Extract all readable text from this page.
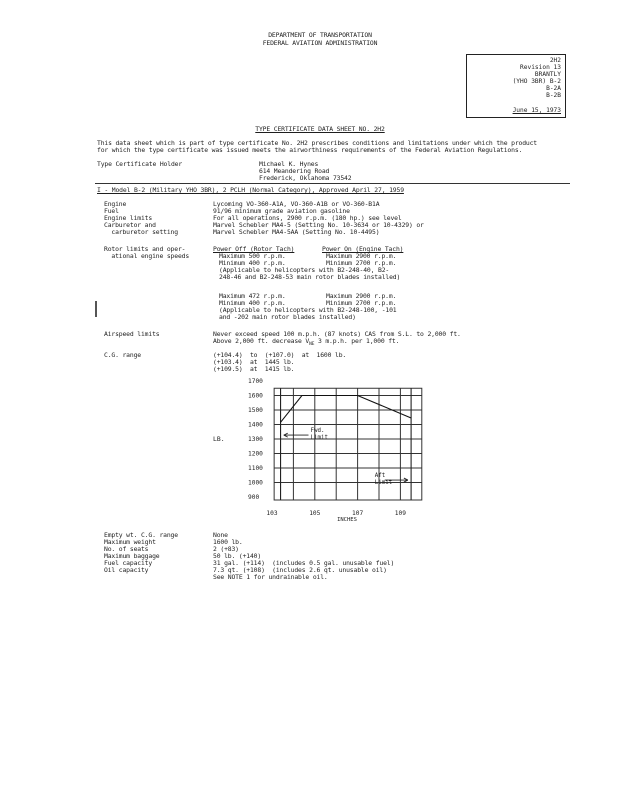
DEPARTMENT OF TRANSPORTATION
FEDERAL AVIATION ADMINISTRATION
2H2
Revision 13
BRANTLY
(YHO 3BR) B-2
B-2A
B-2B
June 15, 1973
TYPE CERTIFICATE DATA SHEET NO. 2H2
This data sheet which is part of type certificate No. 2H2 prescribes conditions and limitations under which the product
for which the type certificate was issued meets the airworthiness requirements of the Federal Aviation Regulations.
Type Certificate Holder	Michael K. Hynes
614 Meandering Road
Frederick, Oklahoma 73542
I - Model B-2 (Military YHO 3BR), 2 PCLH (Normal Category), Approved April 27, 1959
Engine	Lycoming VO-360-A1A, VO-360-A1B or VO-360-B1A
Fuel	91/96 minimum grade aviation gasoline
Engine limits	For all operations, 2900 r.p.m. (180 hp.) see level
Carburetor and	Marvel Schebler MA4-5 (Setting No. 10-3634 or 10-4329) or
carburetor setting	Marvel Schebler MA4-5AA (Setting No. 10-4495)
Rotor limits and oper-
ational engine speeds
Power Off (Rotor Tach)	Power On (Engine Tach)
Maximum 500 r.p.m.	Maximum 2900 r.p.m.
Minimum 400 r.p.m.	Minimum 2700 r.p.m.
(Applicable to helicopters with B2-248-40, B2-
248-46 and B2-248-53 main rotor blades installed)
Maximum 472 r.p.m.	Maximum 2900 r.p.m.
Minimum 400 r.p.m.	Minimum 2700 r.p.m.
(Applicable to helicopters with B2-248-100, -101
and -202 main rotor blades installed)
Airspeed limits	Never exceed speed 100 m.p.h. (87 knots) CAS from S.L. to 2,000 ft.
Above 2,000 ft. decrease $V_{NE}$ 3 m.p.h. per 1,000 ft.
C.G. range	(+104.4)  to  (+107.0)  at  1600 lb.
(+103.4)  at  1445 lb.
(+109.5)  at  1415 lb.
900
1000
1100
1200
1300
1400
1500
1600
1700
103	105	107	109
Fwd.
Limit
Aft
Limit
LB.
INCHES
Empty wt. C.G. range	None
Maximum weight	1600 lb.
No. of seats	2 (+83)
Maximum baggage	50 lb. (+140)
Fuel capacity	31 gal. (+114)  (includes 0.5 gal. unusable fuel)
Oil capacity	7.3 qt. (+108)  (includes 2.6 qt. unusable oil)
See NOTE 1 for undrainable oil.
